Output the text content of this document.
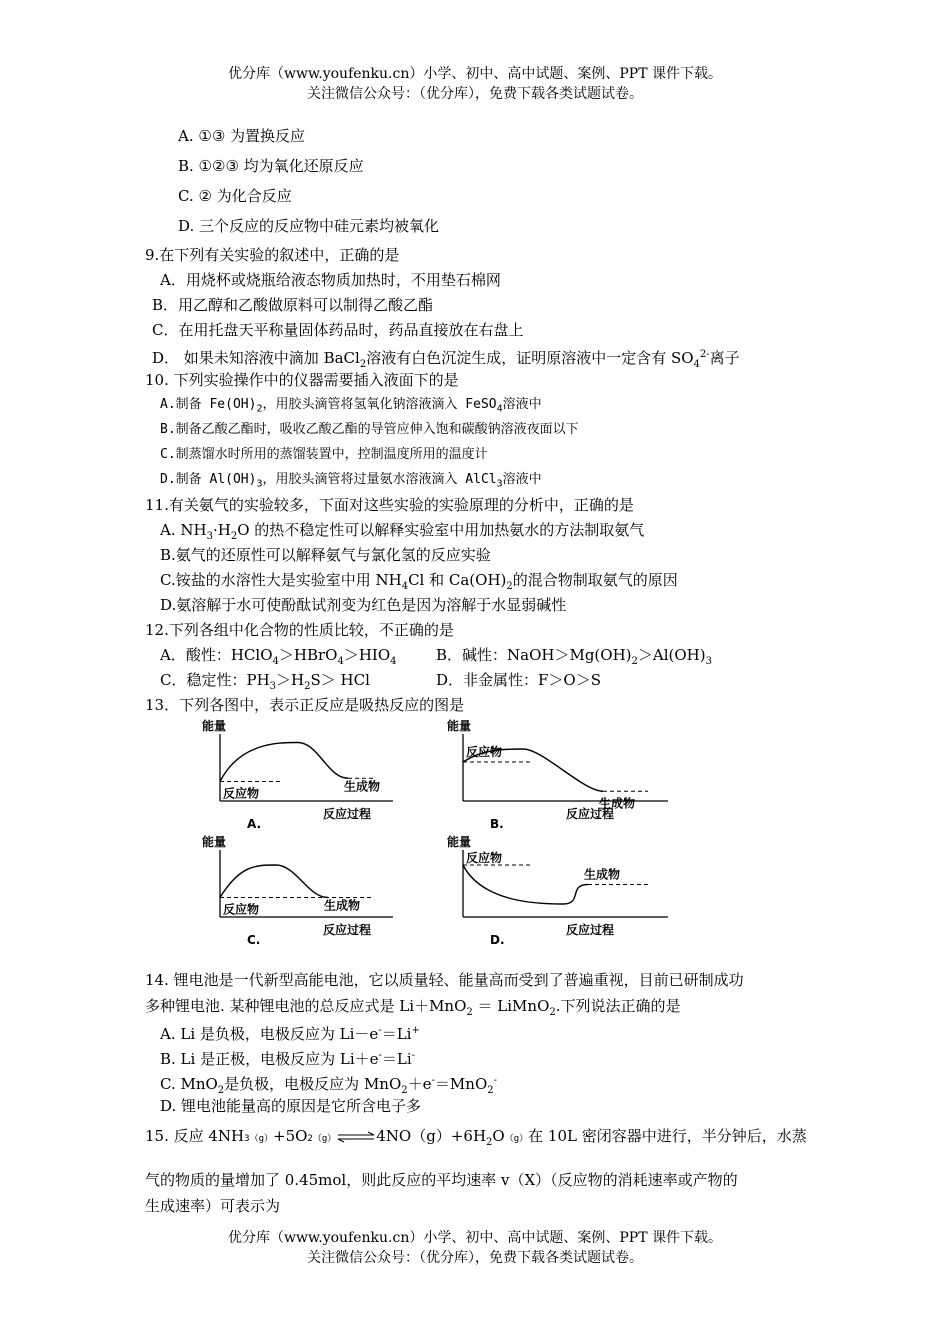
优分库（www.youfenku.cn）小学、初中、高中试题、案例、PPT 课件下载。
关注微信公众号：（优分库），免费下载各类试题试卷。
A. ①③ 为置换反应
B. ①②③ 均为氧化还原反应
C. ② 为化合反应
D. 三个反应的反应物中硅元素均被氧化
9.在下列有关实验的叙述中，正确的是
A．用烧杯或烧瓶给液态物质加热时，不用垫石棉网
B．用乙醇和乙酸做原料可以制得乙酸乙酯
C．在用托盘天平称量固体药品时，药品直接放在右盘上
D． 如果未知溶液中滴加 BaCl$_2$溶液有白色沉淀生成，证明原溶液中一定含有 $SO_4^{2-}$离子
10. 下列实验操作中的仪器需要插入液面下的是
A.制备 $Fe(OH)_2$，用胶头滴管将氢氧化钠溶液滴入 FeSO$_4$溶液中
B.制备乙酸乙酯时，吸收乙酸乙酯的导管应伸入饱和碳酸钠溶液夜面以下
C.制蒸馏水时所用的蒸馏装置中，控制温度所用的温度计
D.制备 $Al(OH)_3$，用胶头滴管将过量氨水溶液滴入 AlCl$_3$溶液中
11.有关氨气的实验较多，下面对这些实验的实验原理的分析中，正确的是
A. $NH_3\cdot H_2O$ 的热不稳定性可以解释实验室中用加热氨水的方法制取氨气
B.氨气的还原性可以解释氨气与氯化氢的反应实验
C.铵盐的水溶性大是实验室中用 $NH_4Cl$ 和 $Ca(OH)_2$的混合物制取氨气的原因
D.氨溶解于水可使酚酞试剂变为红色是因为溶解于水显弱碱性
12.下列各组中化合物的性质比较，不正确的是
A．酸性：$HClO_4>HBrO_4>HIO_4$	B．碱性：$NaOH>Mg(OH)_2>Al(OH)_3$
C．稳定性：$PH_3>H_2S>$ HCl	D．非金属性：F＞O＞S
13．下列各图中，表示正反应是吸热反应的图是
能量
反应过程
A.
反应物
生成物
能量
反应过程
B.
反应物
生成物
能量
反应过程
C.
反应物	生成物
能量
反应过程
D.
反应物
生成物
14. 锂电池是一代新型高能电池，它以质量轻、能量高而受到了普遍重视，目前已研制成功
多种锂电池. 某种锂电池的总反应式是 Li＋MnO$_2$ ＝ LiMnO$_2$.下列说法正确的是
A. Li 是负极，电极反应为 Li－e-＝Li+
B. Li 是正极，电极反应为 Li＋e-＝Li-
C. MnO$_2$是负极，电极反应为 MnO$_2$＋e-＝MnO$_2$-
D. 锂电池能量高的原因是它所含电子多
15. 反应 $4NH3(g)+5O2(g)\rightleftharpoons 4NO(g)+6H_2O(g)$在 10L 密闭容器中进行，半分钟后，水蒸
气的物质的量增加了 0.45mol，则此反应的平均速率 v（X）（反应物的消耗速率或产物的
生成速率）可表示为
优分库（www.youfenku.cn）小学、初中、高中试题、案例、PPT 课件下载。
关注微信公众号：（优分库），免费下载各类试题试卷。
